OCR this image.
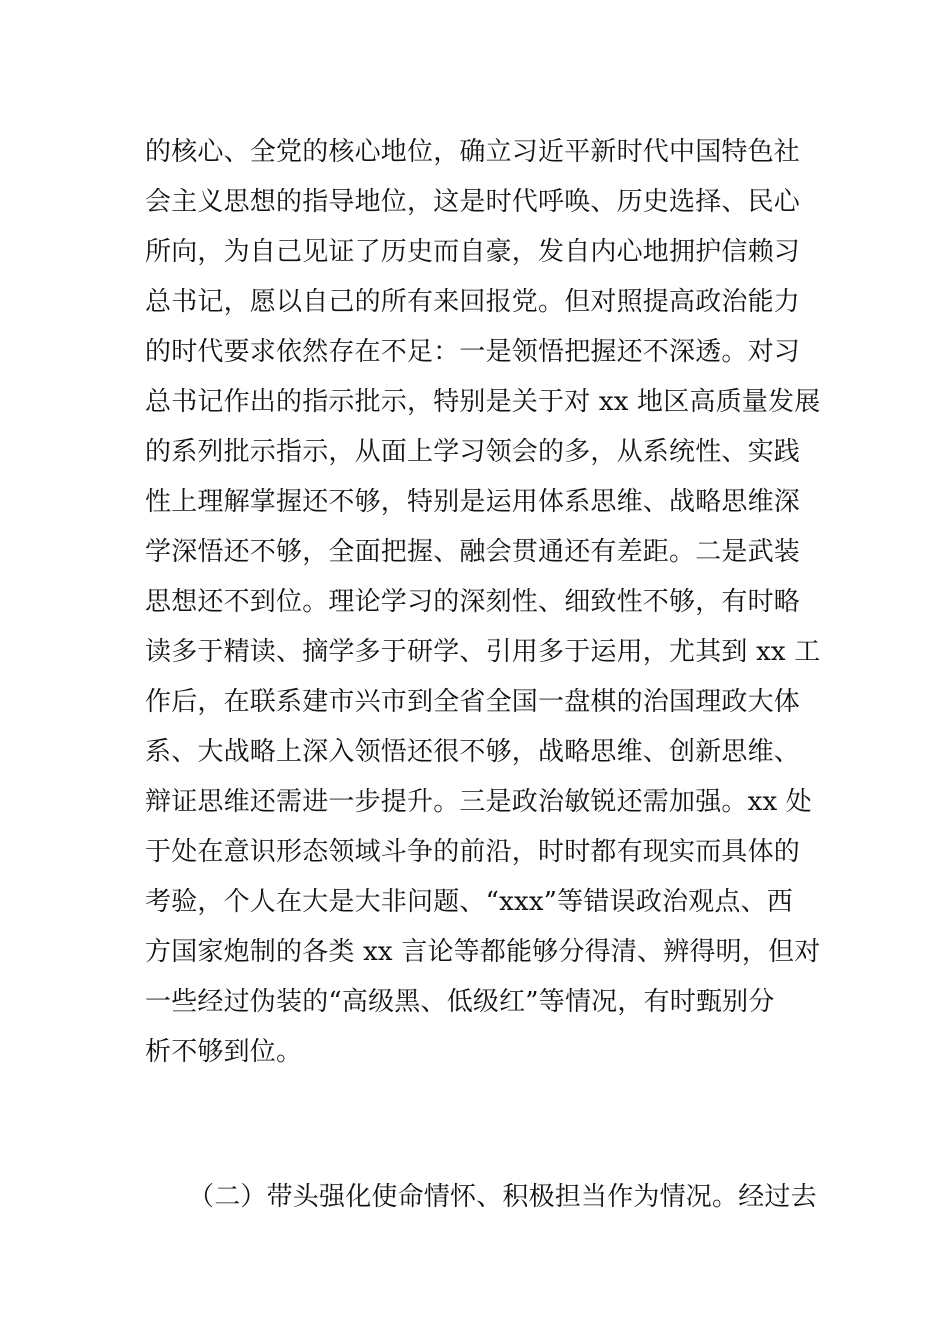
的核心、全党的核心地位，确立习近平新时代中国特色社
会主义思想的指导地位，这是时代呼唤、历史选择、民心
所向，为自己见证了历史而自豪，发自内心地拥护信赖习
总书记，愿以自己的所有来回报党。但对照提高政治能力
的时代要求依然存在不足：一是领悟把握还不深透。对习
总书记作出的指示批示，特别是关于对 xx 地区高质量发展
的系列批示指示，从面上学习领会的多，从系统性、实践
性上理解掌握还不够，特别是运用体系思维、战略思维深
学深悟还不够，全面把握、融会贯通还有差距。二是武装
思想还不到位。理论学习的深刻性、细致性不够，有时略
读多于精读、摘学多于研学、引用多于运用，尤其到 xx 工
作后，在联系建市兴市到全省全国一盘棋的治国理政大体
系、大战略上深入领悟还很不够，战略思维、创新思维、
辩证思维还需进一步提升。三是政治敏锐还需加强。xx 处
于处在意识形态领域斗争的前沿，时时都有现实而具体的
考验，个人在大是大非问题、“xxx”等错误政治观点、西
方国家炮制的各类 xx 言论等都能够分得清、辨得明，但对
一些经过伪装的“高级黑、低级红”等情况，有时甄别分
析不够到位。
（二）带头强化使命情怀、积极担当作为情况。经过去
